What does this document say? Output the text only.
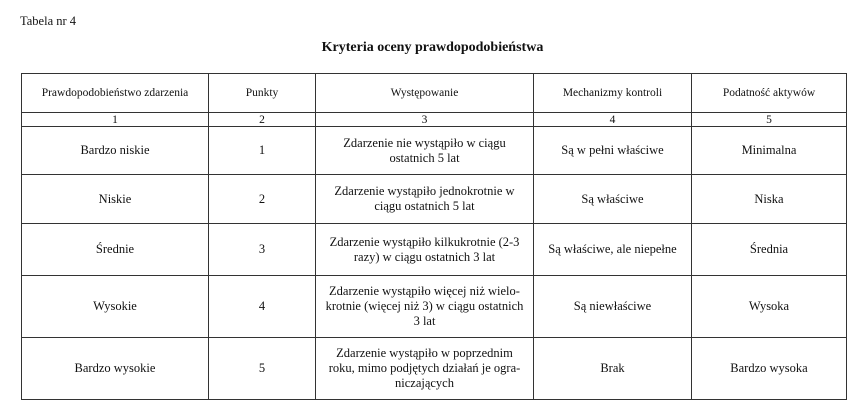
Tabela nr 4
Kryteria oceny prawdopodobieństwa
Prawdopodobieństwo zdarzenia	Punkty	Występowanie	Mechanizmy kontroli	Podatność aktywów
1	2	3	4	5
Bardzo niskie	1	Zdarzenie nie wystąpiło w ciągu ostatnich 5 lat	Są w pełni właściwe	Minimalna
Niskie	2	Zdarzenie wystąpiło jednokrotnie w ciągu ostatnich 5 lat	Są właściwe	Niska
Średnie	3	Zdarzenie wystąpiło kilkukrotnie (2-3 razy) w ciągu ostatnich 3 lat	Są właściwe, ale niepełne	Średnia
Wysokie	4	Zdarzenie wystąpiło więcej niż wielo-krotnie (więcej niż 3) w ciągu ostatnich 3 lat	Są niewłaściwe	Wysoka
Bardzo wysokie	5	Zdarzenie wystąpiło w poprzednim roku, mimo podjętych działań je ogra-niczających	Brak	Bardzo wysoka
